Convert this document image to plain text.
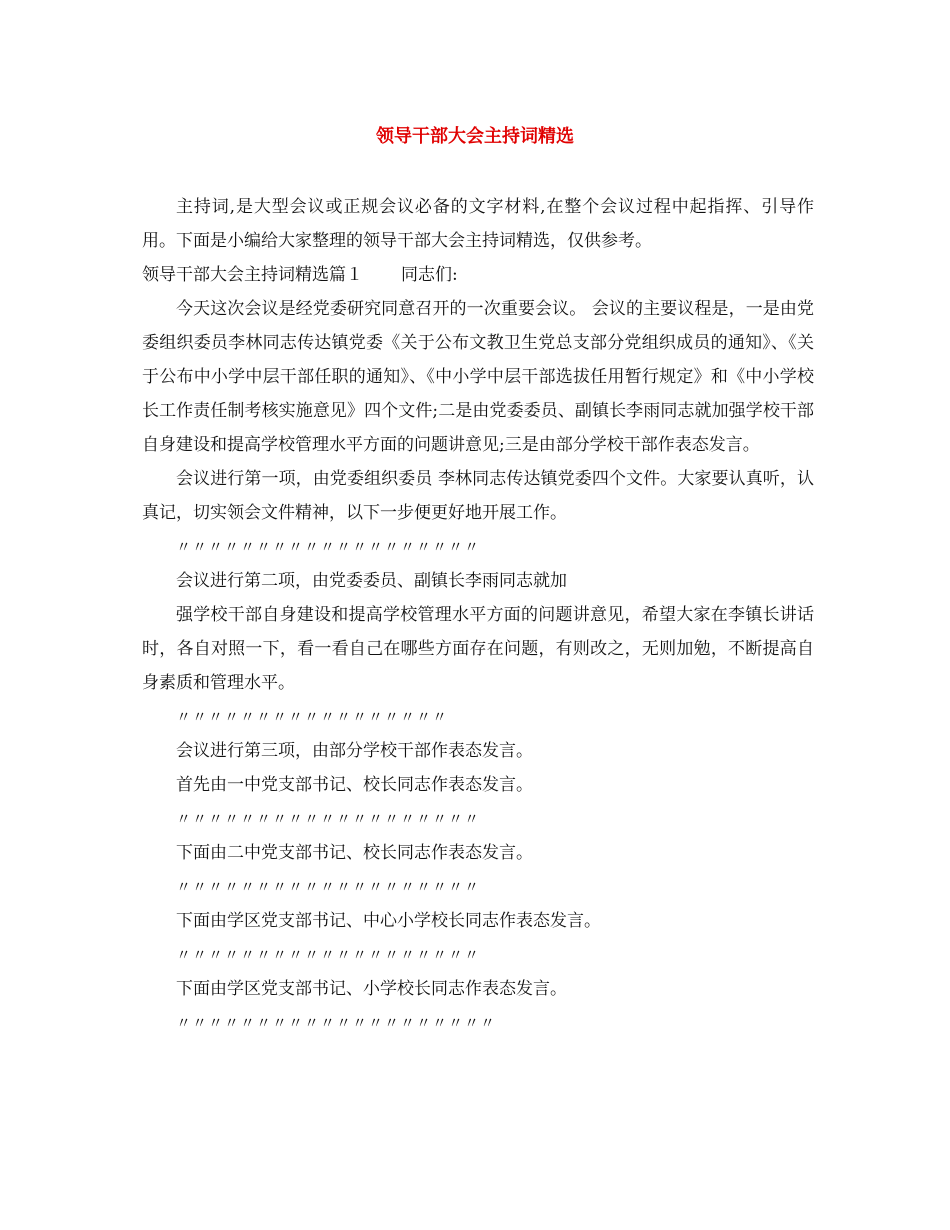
领导干部大会主持词精选

主持词,是大型会议或正规会议必备的文字材料,在整个会议过程中起指挥、引导作用。下面是小编给大家整理的领导干部大会主持词精选，仅供参考。

领导干部大会主持词精选篇１ 同志们:

今天这次会议是经党委研究同意召开的一次重要会议。 会议的主要议程是，一是由党委组织委员李林同志传达镇党委《关于公布文教卫生党总支部分党组织成员的通知》、《关于公布中小学中层干部任职的通知》、《中小学中层干部选拔任用暂行规定》和《中小学校长工作责任制考核实施意见》四个文件;二是由党委委员、副镇长李雨同志就加强学校干部自身建设和提高学校管理水平方面的问题讲意见;三是由部分学校干部作表态发言。

会议进行第一项，由党委组织委员 李林同志传达镇党委四个文件。大家要认真听，认真记，切实领会文件精神，以下一步便更好地开展工作。

〃〃〃〃〃〃〃〃〃〃〃〃〃〃〃〃〃〃〃

会议进行第二项，由党委委员、副镇长李雨同志就加

强学校干部自身建设和提高学校管理水平方面的问题讲意见，希望大家在李镇长讲话时，各自对照一下，看一看自己在哪些方面存在问题，有则改之，无则加勉，不断提高自身素质和管理水平。

〃〃〃〃〃〃〃〃〃〃〃〃〃〃〃〃〃

会议进行第三项，由部分学校干部作表态发言。

首先由一中党支部书记、校长同志作表态发言。

〃〃〃〃〃〃〃〃〃〃〃〃〃〃〃〃〃〃〃

下面由二中党支部书记、校长同志作表态发言。

〃〃〃〃〃〃〃〃〃〃〃〃〃〃〃〃〃〃〃

下面由学区党支部书记、中心小学校长同志作表态发言。

〃〃〃〃〃〃〃〃〃〃〃〃〃〃〃〃〃〃〃

下面由学区党支部书记、小学校长同志作表态发言。

〃〃〃〃〃〃〃〃〃〃〃〃〃〃〃〃〃〃〃〃
